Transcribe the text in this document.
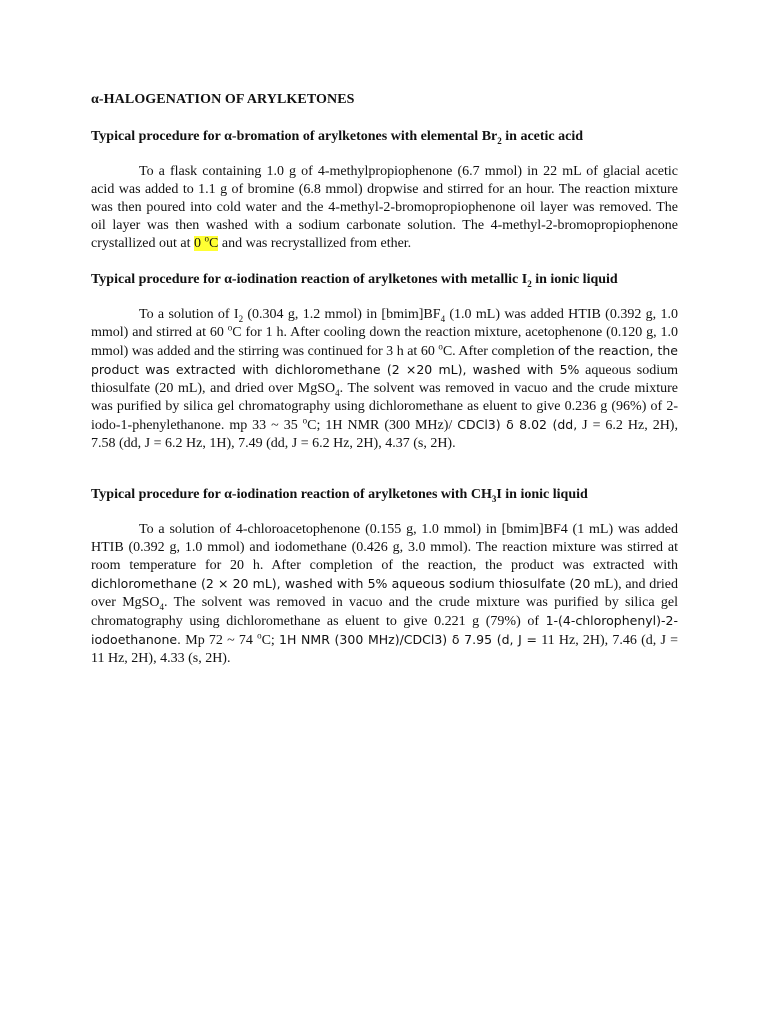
α-HALOGENATION OF ARYLKETONES
Typical procedure for α-bromation of arylketones with elemental $Br_2$ in acetic acid

To a flask containing 1.0 g of 4-methylpropiophenone (6.7 mmol) in 22 mL of glacial acetic acid was added to 1.1 g of bromine (6.8 mmol) dropwise and stirred for an hour. The reaction mixture was then poured into cold water and the 4-methyl-2-bromopropiophenone oil layer was removed. The oil layer was then washed with a sodium carbonate solution. The 4-methyl-2-bromopropiophenone crystallized out at 0 $^o$C and was recrystallized from ether.

Typical procedure for α-iodination reaction of arylketones with metallic $I_2$ in ionic liquid

To a solution of $I_2$ (0.304 g, 1.2 mmol) in $[bmim]BF_4$ (1.0 mL) was added HTIB (0.392 g, 1.0 mmol) and stirred at 60 $^o$C for 1 h. After cooling down the reaction mixture, acetophenone (0.120 g, 1.0 mmol) was added and the stirring was continued for 3 h at 60 $^o$C. After completion of the reaction, the product was extracted with dichloromethane (2 ×20 mL), washed with 5% aqueous sodium thiosulfate (20 mL), and dried over MgSO$_4$. The solvent was removed in vacuo and the crude mixture was purified by silica gel chromatography using dichloromethane as eluent to give 0.236 g (96%) of 2- iodo-1-phenylethanone. mp 33 ~ 35 $^o$C; 1H NMR (300 MHz)/ CDCl3) δ 8.02 (dd, J = 6.2 Hz, 2H), 7.58 (dd, J = 6.2 Hz, 1H), 7.49 (dd, J = 6.2 Hz, 2H), 4.37 (s, 2H).

Typical procedure for α-iodination reaction of arylketones with $CH_3I$ in ionic liquid

To a solution of 4-chloroacetophenone (0.155 g, 1.0 mmol) in [bmim]BF4 (1 mL) was added HTIB (0.392 g, 1.0 mmol) and iodomethane (0.426 g, 3.0 mmol). The reaction mixture was stirred at room temperature for 20 h. After completion of the reaction, the product was extracted with dichloromethane (2 × 20 mL), washed with 5% aqueous sodium thiosulfate (20 mL), and dried over MgSO$_4$. The solvent was removed in vacuo and the crude mixture was purified by silica gel chromatography using dichloromethane as eluent to give 0.221 g (79%) of 1-(4-chlorophenyl)-2-iodoethanone. Mp 72 ~ 74 $^o$C; 1H NMR (300 MHz)/CDCl3) δ 7.95 (d, J = 11 Hz, 2H), 7.46 (d, J = 11 Hz, 2H), 4.33 (s, 2H).
